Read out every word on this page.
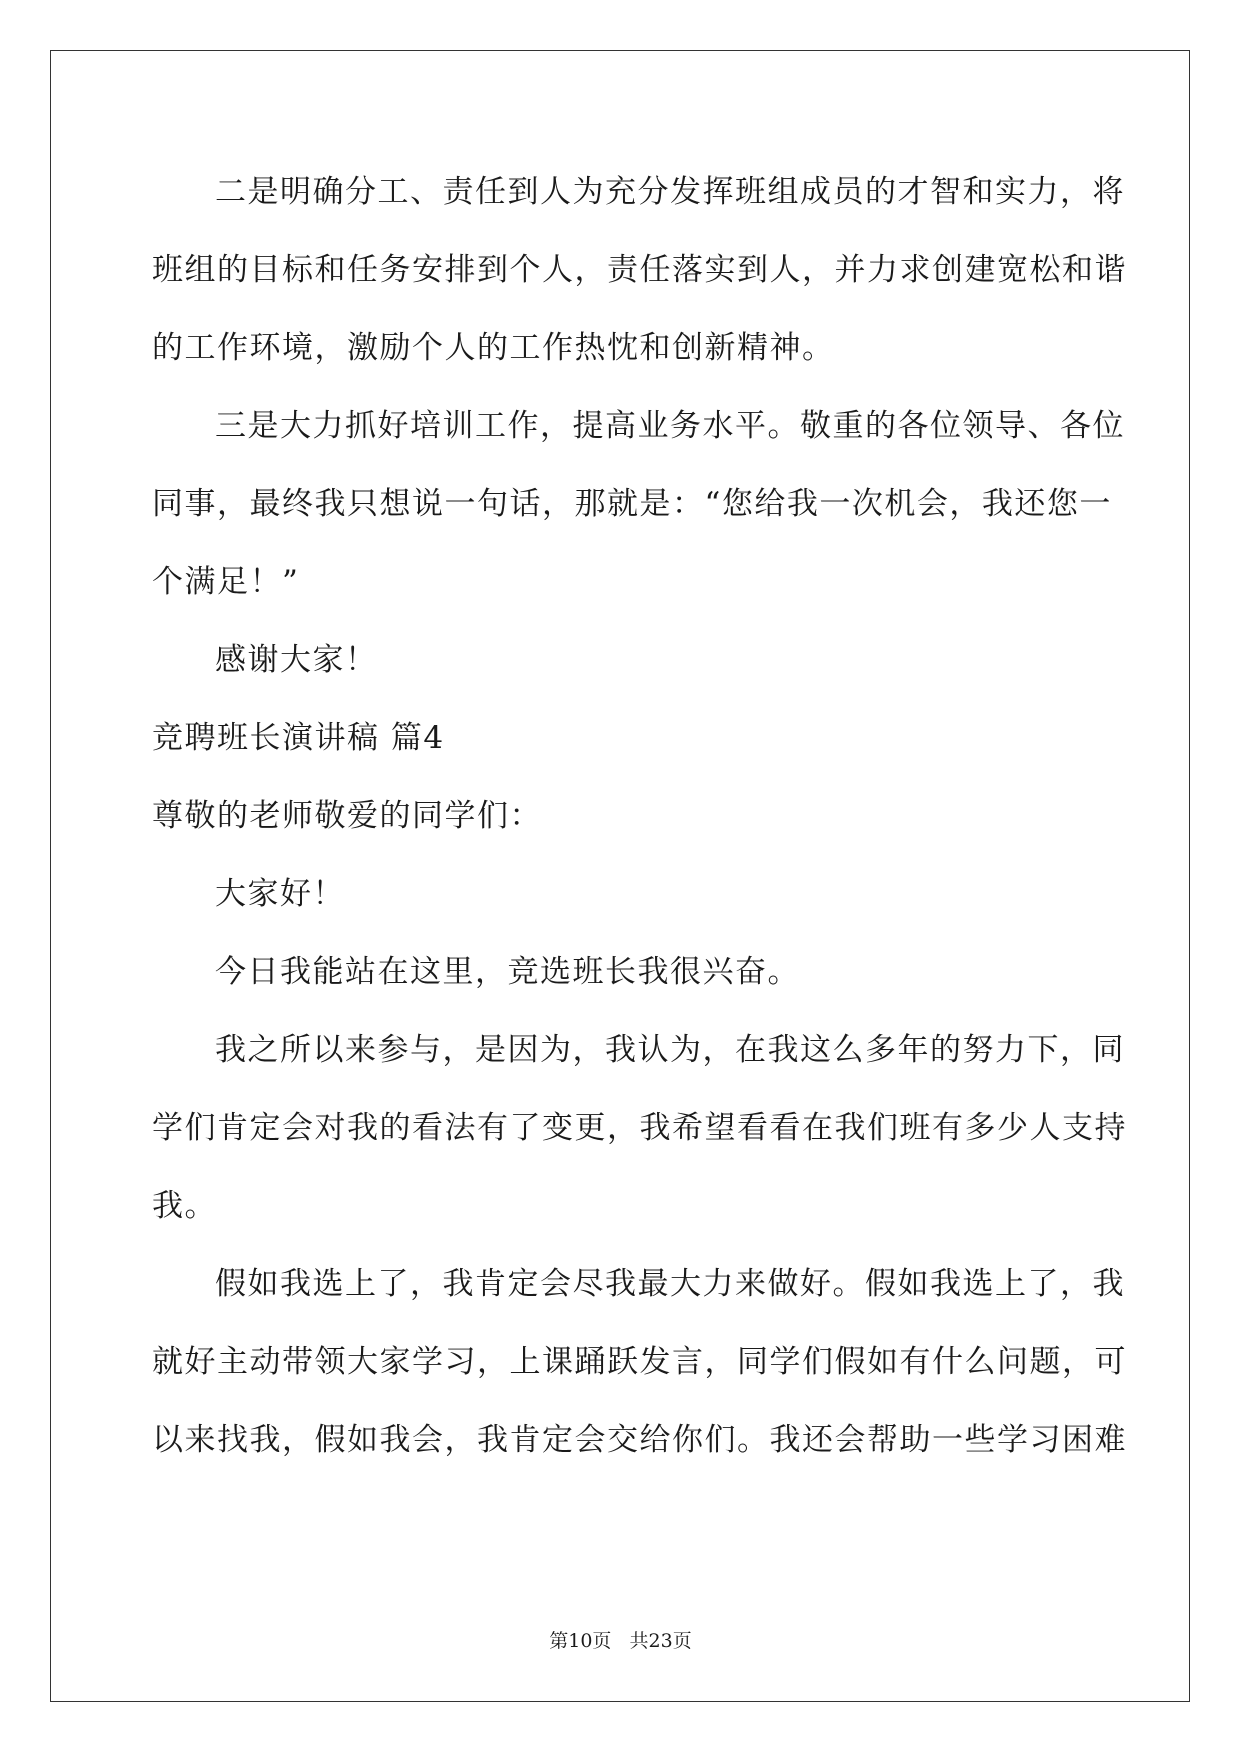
二是明确分工、责任到人为充分发挥班组成员的才智和实力，将
班组的目标和任务安排到个人，责任落实到人，并力求创建宽松和谐
的工作环境，激励个人的工作热忱和创新精神。
三是大力抓好培训工作，提高业务水平。敬重的各位领导、各位
同事，最终我只想说一句话，那就是：“您给我一次机会，我还您一
个满足！”
感谢大家！
竞聘班长演讲稿 篇4
尊敬的老师敬爱的同学们：
大家好！
今日我能站在这里，竞选班长我很兴奋。
我之所以来参与，是因为，我认为，在我这么多年的努力下，同
学们肯定会对我的看法有了变更，我希望看看在我们班有多少人支持
我。
假如我选上了，我肯定会尽我最大力来做好。假如我选上了，我
就好主动带领大家学习，上课踊跃发言，同学们假如有什么问题，可
以来找我，假如我会，我肯定会交给你们。我还会帮助一些学习困难
第10页   共23页
